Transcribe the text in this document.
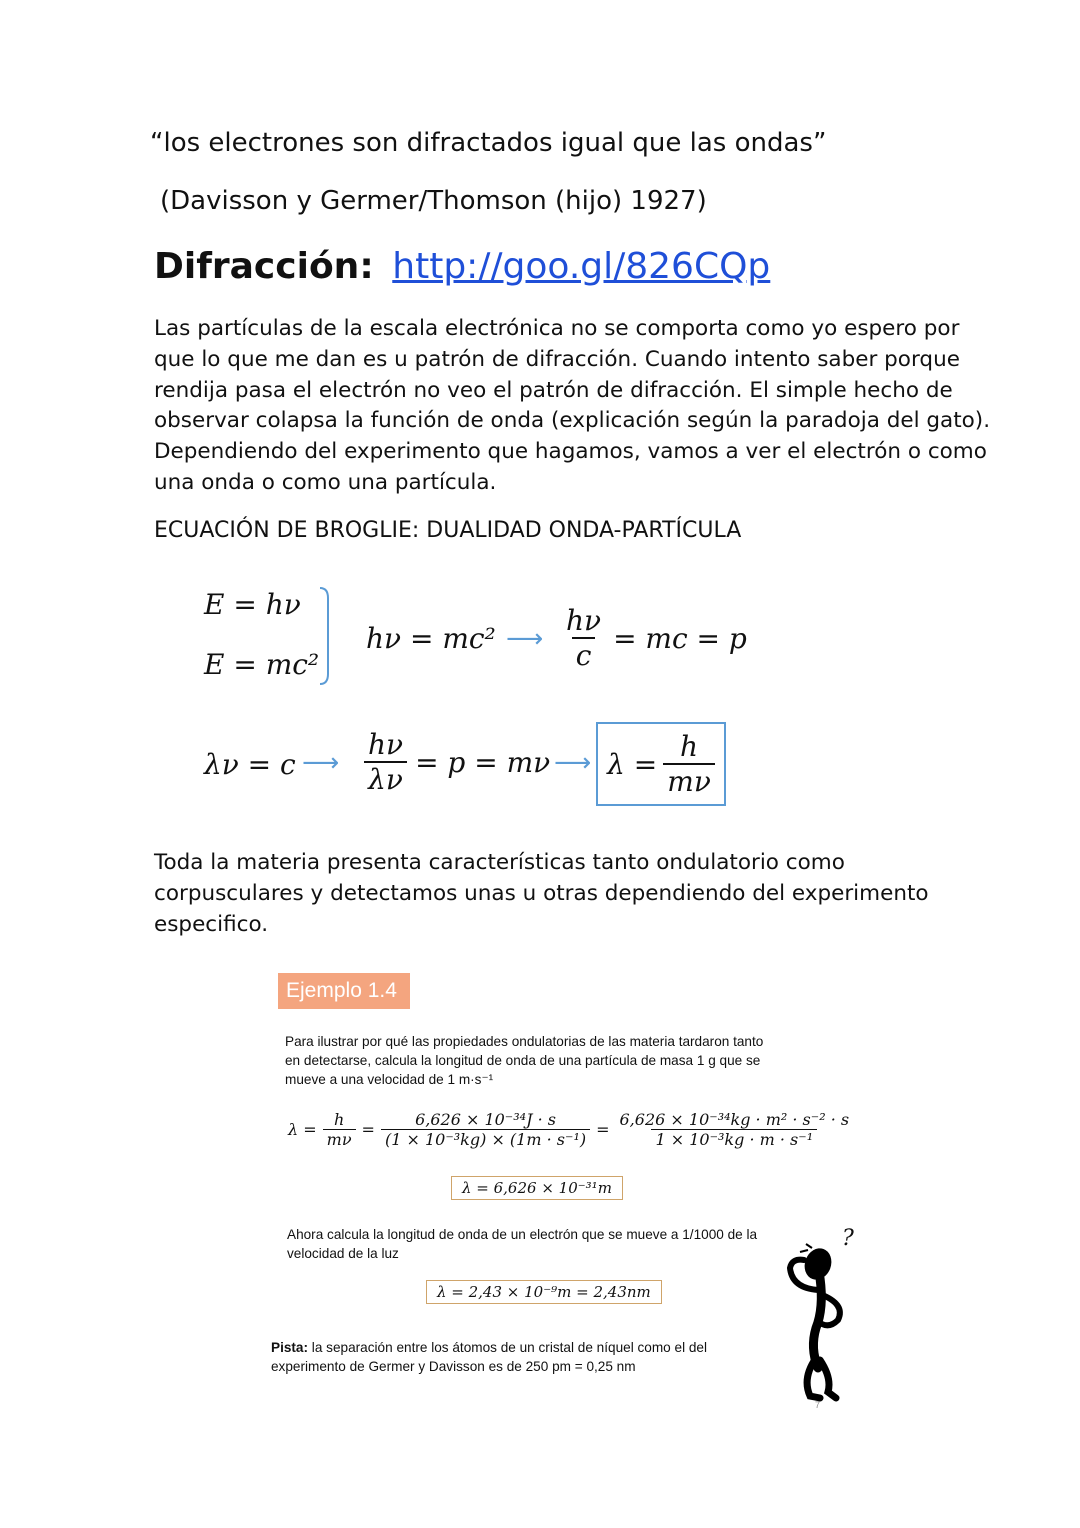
“los electrones son difractados igual que las ondas”
(Davisson y Germer/Thomson (hijo) 1927)
Difracción: http://goo.gl/826CQp
Las partículas de la escala electrónica no se comporta como yo espero por
que lo que me dan es u patrón de difracción. Cuando intento saber porque
rendija pasa el electrón no veo el patrón de difracción. El simple hecho de
observar colapsa la función de onda (explicación según la paradoja del gato).
Dependiendo del experimento que hagamos, vamos a ver el electrón o como
una onda o como una partícula.
ECUACIÓN DE BROGLIE: DUALIDAD ONDA-PARTÍCULA
E = hν
E = mc²
hν = mc² ⟶ $\frac{h\nu}{c}$ = mc = p
λν = c ⟶ $\frac{h\nu}{\lambda\nu} = p = m\nu$ ⟶ $\lambda = \frac{h}{m\nu}$
Toda la materia presenta características tanto ondulatorio como
corpusculares y detectamos unas u otras dependiendo del experimento
especifico.
Ejemplo 1.4
Para ilustrar por qué las propiedades ondulatorias de las materia tardaron tanto
en detectarse, calcula la longitud de onda de una partícula de masa 1 g que se
mueve a una velocidad de 1 m·s⁻¹
$\lambda = \frac{h}{m\nu} = \frac{\text{6,626 × 10⁻³⁴J · s}}{\text{(1 × 10⁻³kg) × (1m · s⁻¹)}} = \frac{\text{6,626 × 10⁻³⁴kg · m² · s⁻² · s}}{\text{1 × 10⁻³kg · m · s⁻¹}}$
λ = 6,626 × 10⁻³¹m
Ahora calcula la longitud de onda de un electrón que se mueve a 1/1000 de la
velocidad de la luz
λ = 2,43 × 10⁻⁹m = 2,43nm
Pista: la separación entre los átomos de un cristal de níquel como el del
experimento de Germer y Davisson es de 250 pm = 0,25 nm
?
7
